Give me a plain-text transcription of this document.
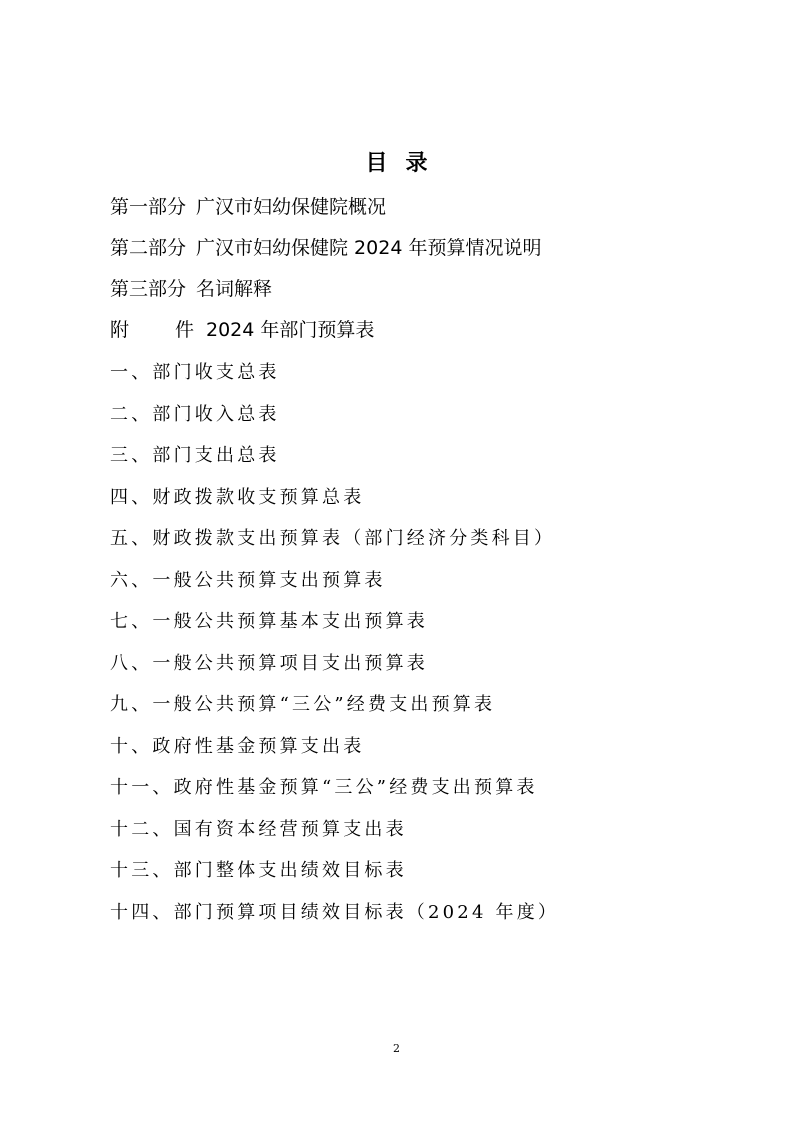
目录
第一部分 广汉市妇幼保健院概况
第二部分 广汉市妇幼保健院 2024 年预算情况说明
第三部分 名词解释
附 件 2024 年部门预算表
一、部门收支总表
二、部门收入总表
三、部门支出总表
四、财政拨款收支预算总表
五、财政拨款支出预算表（部门经济分类科目）
六、一般公共预算支出预算表
七、一般公共预算基本支出预算表
八、一般公共预算项目支出预算表
九、一般公共预算“三公”经费支出预算表
十、政府性基金预算支出表
十一、政府性基金预算“三公”经费支出预算表
十二、国有资本经营预算支出表
十三、部门整体支出绩效目标表
十四、部门预算项目绩效目标表（2024 年度）
2
